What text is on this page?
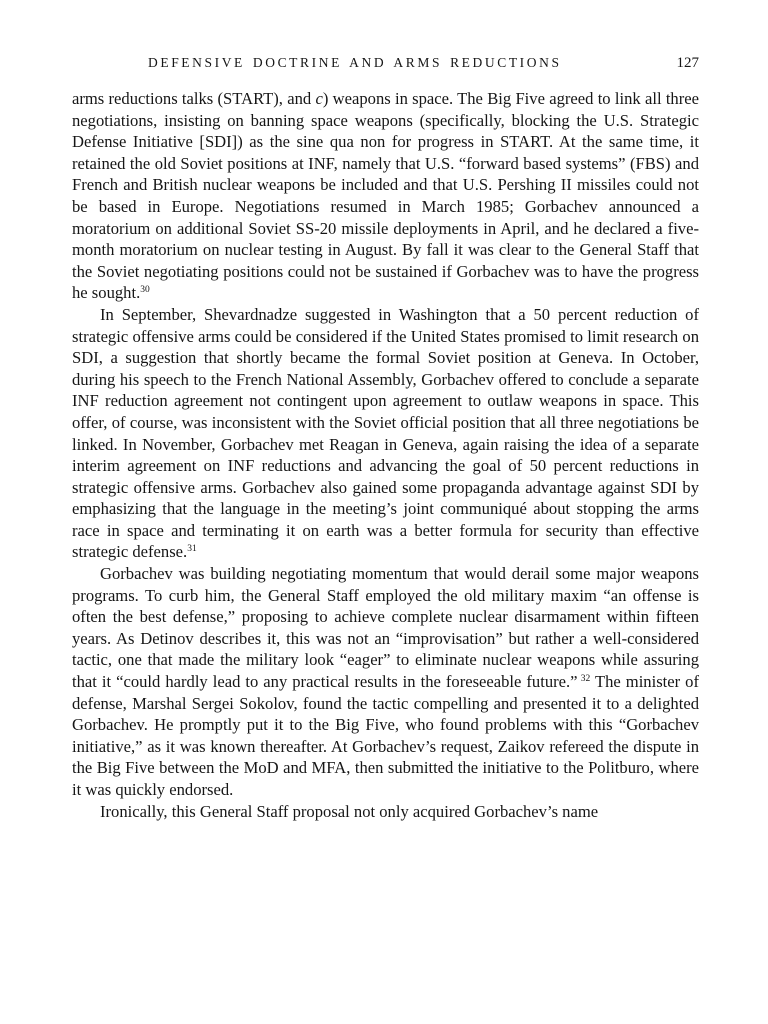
DEFENSIVE DOCTRINE AND ARMS REDUCTIONS	127

arms reductions talks (START), and c) weapons in space. The Big Five agreed to link all three negotiations, insisting on banning space weapons (specifically, blocking the U.S. Strategic Defense Initiative [SDI]) as the sine qua non for progress in START. At the same time, it retained the old Soviet positions at INF, namely that U.S. “forward based systems” (FBS) and French and British nuclear weapons be included and that U.S. Pershing II missiles could not be based in Europe. Negotiations resumed in March 1985; Gorbachev announced a moratorium on additional Soviet SS-20 missile deployments in April, and he declared a five-month moratorium on nuclear testing in August. By fall it was clear to the General Staff that the Soviet negotiating positions could not be sustained if Gorbachev was to have the progress he sought.$^{30}$

In September, Shevardnadze suggested in Washington that a 50 percent reduction of strategic offensive arms could be considered if the United States promised to limit research on SDI, a suggestion that shortly became the formal Soviet position at Geneva. In October, during his speech to the French National Assembly, Gorbachev offered to conclude a separate INF reduction agreement not contingent upon agreement to outlaw weapons in space. This offer, of course, was inconsistent with the Soviet official position that all three negotiations be linked. In November, Gorbachev met Reagan in Geneva, again raising the idea of a separate interim agreement on INF reductions and advancing the goal of 50 percent reductions in strategic offensive arms. Gorbachev also gained some propaganda advantage against SDI by emphasizing that the language in the meeting’s joint communiqué about stopping the arms race in space and terminating it on earth was a better formula for security than effective strategic defense.$^{31}$

Gorbachev was building negotiating momentum that would derail some major weapons programs. To curb him, the General Staff employed the old military maxim “an offense is often the best defense,” proposing to achieve complete nuclear disarmament within fifteen years. As Detinov describes it, this was not an “improvisation” but rather a well-considered tactic, one that made the military look “eager” to eliminate nuclear weapons while assuring that it “could hardly lead to any practical results in the foreseeable future.” $^{32}$ The minister of defense, Marshal Sergei Sokolov, found the tactic compelling and presented it to a delighted Gorbachev. He promptly put it to the Big Five, who found problems with this “Gorbachev initiative,” as it was known thereafter. At Gorbachev’s request, Zaikov refereed the dispute in the Big Five between the MoD and MFA, then submitted the initiative to the Politburo, where it was quickly endorsed.

Ironically, this General Staff proposal not only acquired Gorbachev’s name
